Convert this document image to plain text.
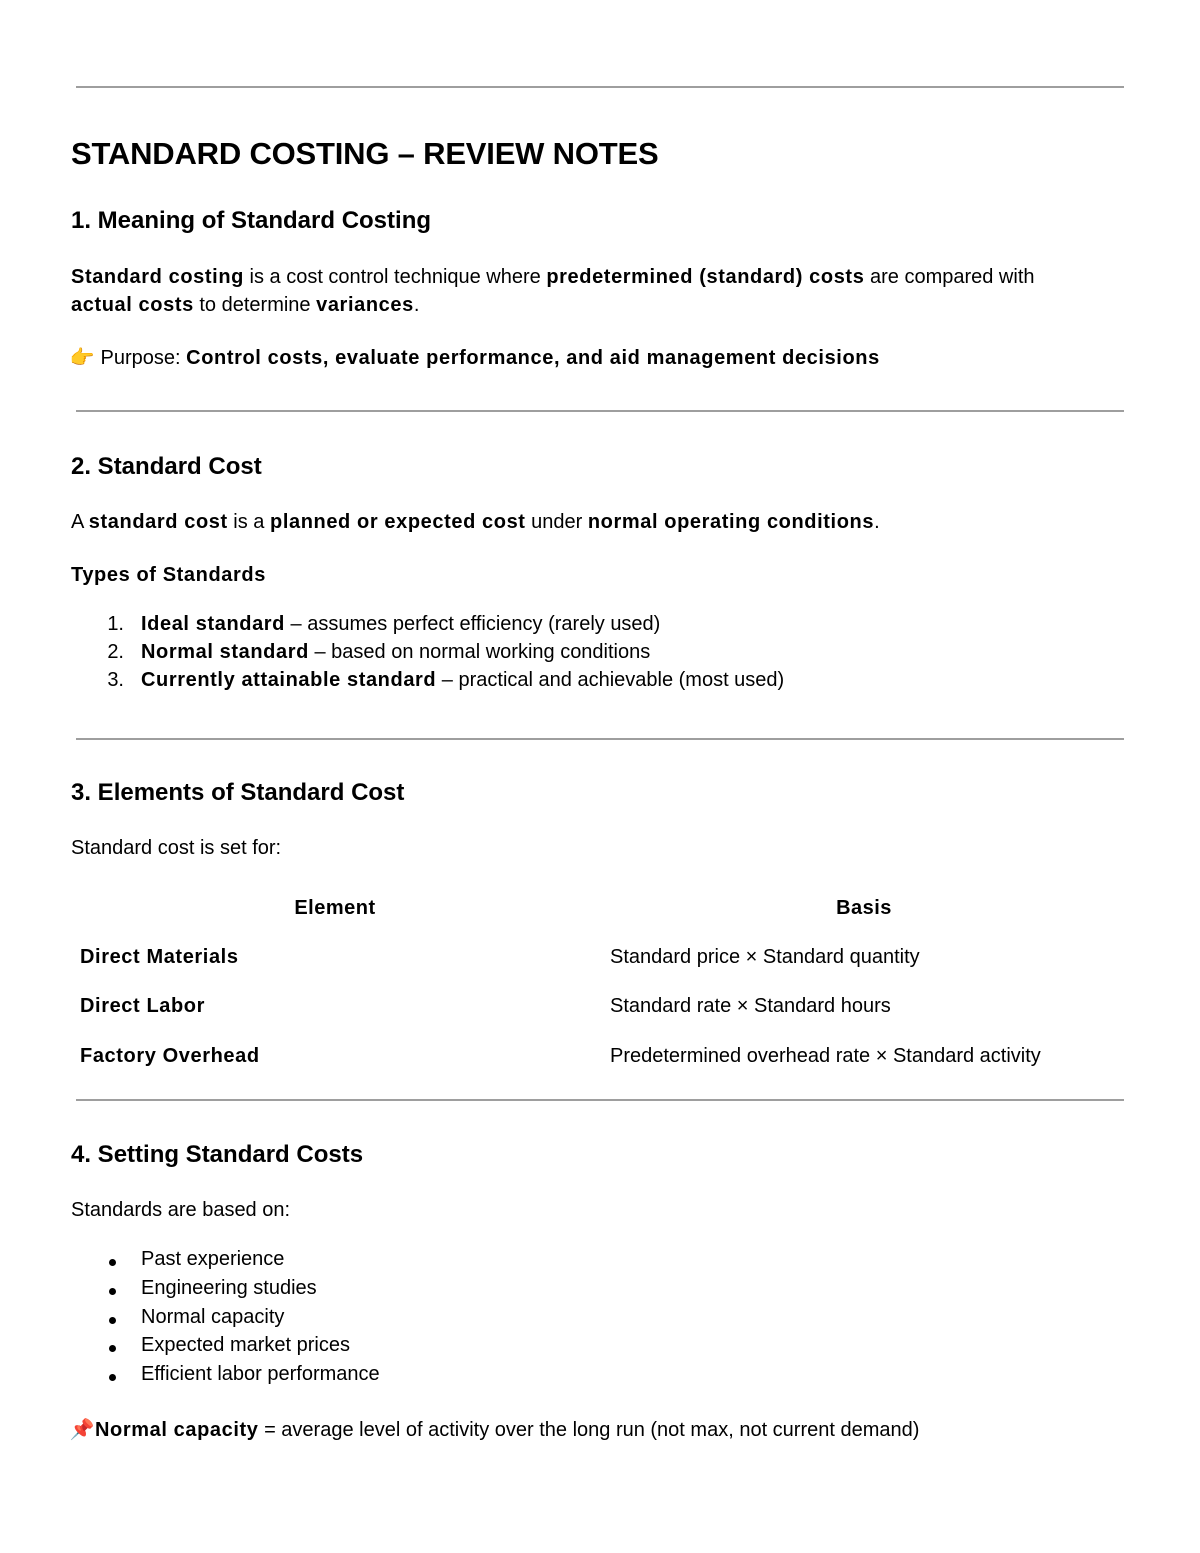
STANDARD COSTING – REVIEW NOTES
1. Meaning of Standard Costing
Standard costing is a cost control technique where predetermined (standard) costs are compared with
actual costs to determine variances.
👉 Purpose: Control costs, evaluate performance, and aid management decisions
2. Standard Cost
A standard cost is a planned or expected cost under normal operating conditions.
Types of Standards
1. Ideal standard – assumes perfect efficiency (rarely used)
2. Normal standard – based on normal working conditions
3. Currently attainable standard – practical and achievable (most used)
3. Elements of Standard Cost
Standard cost is set for:
Element	Basis
Direct Materials	Standard price × Standard quantity
Direct Labor	Standard rate × Standard hours
Factory Overhead	Predetermined overhead rate × Standard activity
4. Setting Standard Costs
Standards are based on:
Past experience
Engineering studies
Normal capacity
Expected market prices
Efficient labor performance
📌Normal capacity = average level of activity over the long run (not max, not current demand)
